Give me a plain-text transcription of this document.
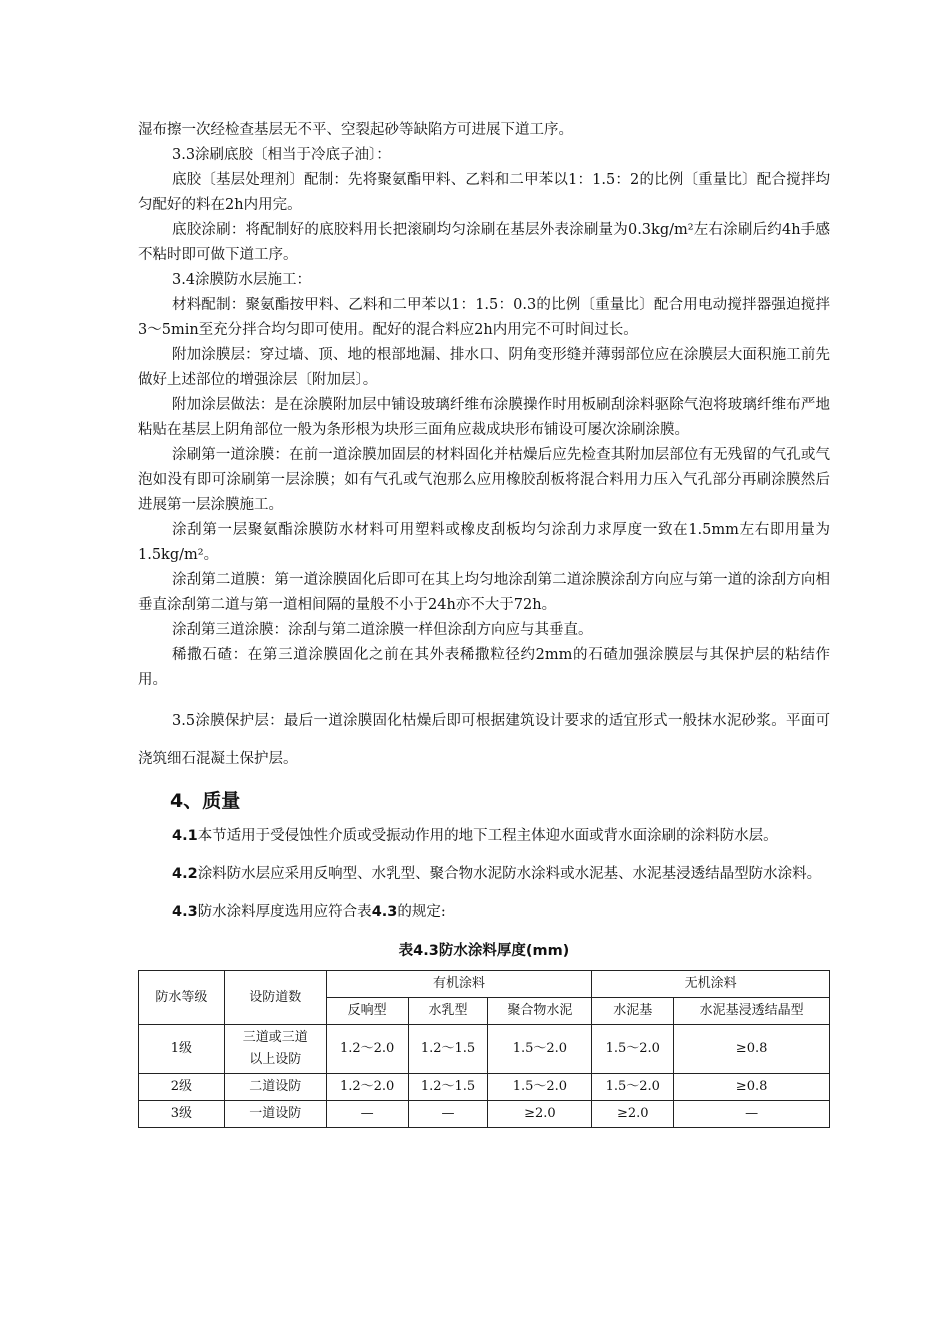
湿布擦一次经检查基层无不平、空裂起砂等缺陷方可进展下道工序。

3.3涂刷底胶〔相当于冷底子油〕：

底胶〔基层处理剂〕配制：先将聚氨酯甲料、乙料和二甲苯以1：1.5：2的比例〔重量比〕配合搅拌均匀配好的料在2h内用完。

底胶涂刷：将配制好的底胶料用长把滚刷均匀涂刷在基层外表涂刷量为0.3kg/m²左右涂刷后约4h手感不粘时即可做下道工序。

3.4涂膜防水层施工：

材料配制：聚氨酯按甲料、乙料和二甲苯以1：1.5：0.3的比例〔重量比〕配合用电动搅拌器强迫搅拌3～5min至充分拌合均匀即可使用。配好的混合料应2h内用完不可时间过长。

附加涂膜层：穿过墙、顶、地的根部地漏、排水口、阴角变形缝并薄弱部位应在涂膜层大面积施工前先做好上述部位的增强涂层〔附加层〕。

附加涂层做法：是在涂膜附加层中铺设玻璃纤维布涂膜操作时用板刷刮涂料驱除气泡将玻璃纤维布严地粘贴在基层上阴角部位一般为条形根为块形三面角应裁成块形布铺设可屡次涂刷涂膜。

涂刷第一道涂膜：在前一道涂膜加固层的材料固化并枯燥后应先检查其附加层部位有无残留的气孔或气泡如没有即可涂刷第一层涂膜；如有气孔或气泡那么应用橡胶刮板将混合料用力压入气孔部分再刷涂膜然后进展第一层涂膜施工。

涂刮第一层聚氨酯涂膜防水材料可用塑料或橡皮刮板均匀涂刮力求厚度一致在1.5mm左右即用量为1.5kg/m²。

涂刮第二道膜：第一道涂膜固化后即可在其上均匀地涂刮第二道涂膜涂刮方向应与第一道的涂刮方向相垂直涂刮第二道与第一道相间隔的量般不小于24h亦不大于72h。

涂刮第三道涂膜：涂刮与第二道涂膜一样但涂刮方向应与其垂直。

稀撒石碴：在第三道涂膜固化之前在其外表稀撒粒径约2mm的石碴加强涂膜层与其保护层的粘结作用。

3.5涂膜保护层：最后一道涂膜固化枯燥后即可根据建筑设计要求的适宜形式一般抹水泥砂浆。平面可浇筑细石混凝土保护层。

4、质量

4.1本节适用于受侵蚀性介质或受振动作用的地下工程主体迎水面或背水面涂刷的涂料防水层。

4.2涂料防水层应采用反响型、水乳型、聚合物水泥防水涂料或水泥基、水泥基浸透结晶型防水涂料。

4.3防水涂料厚度选用应符合表4.3的规定:

表4.3防水涂料厚度(mm)
防水等级	设防道数	有机涂料			无机涂料	
		反响型	水乳型	聚合物水泥	水泥基	水泥基浸透结晶型
1级	三道或三道以上设防	1.2～2.0	1.2～1.5	1.5～2.0	1.5～2.0	≥0.8
2级	二道设防	1.2～2.0	1.2～1.5	1.5～2.0	1.5～2.0	≥0.8
3级	一道设防	—	—	≥2.0	≥2.0	—
